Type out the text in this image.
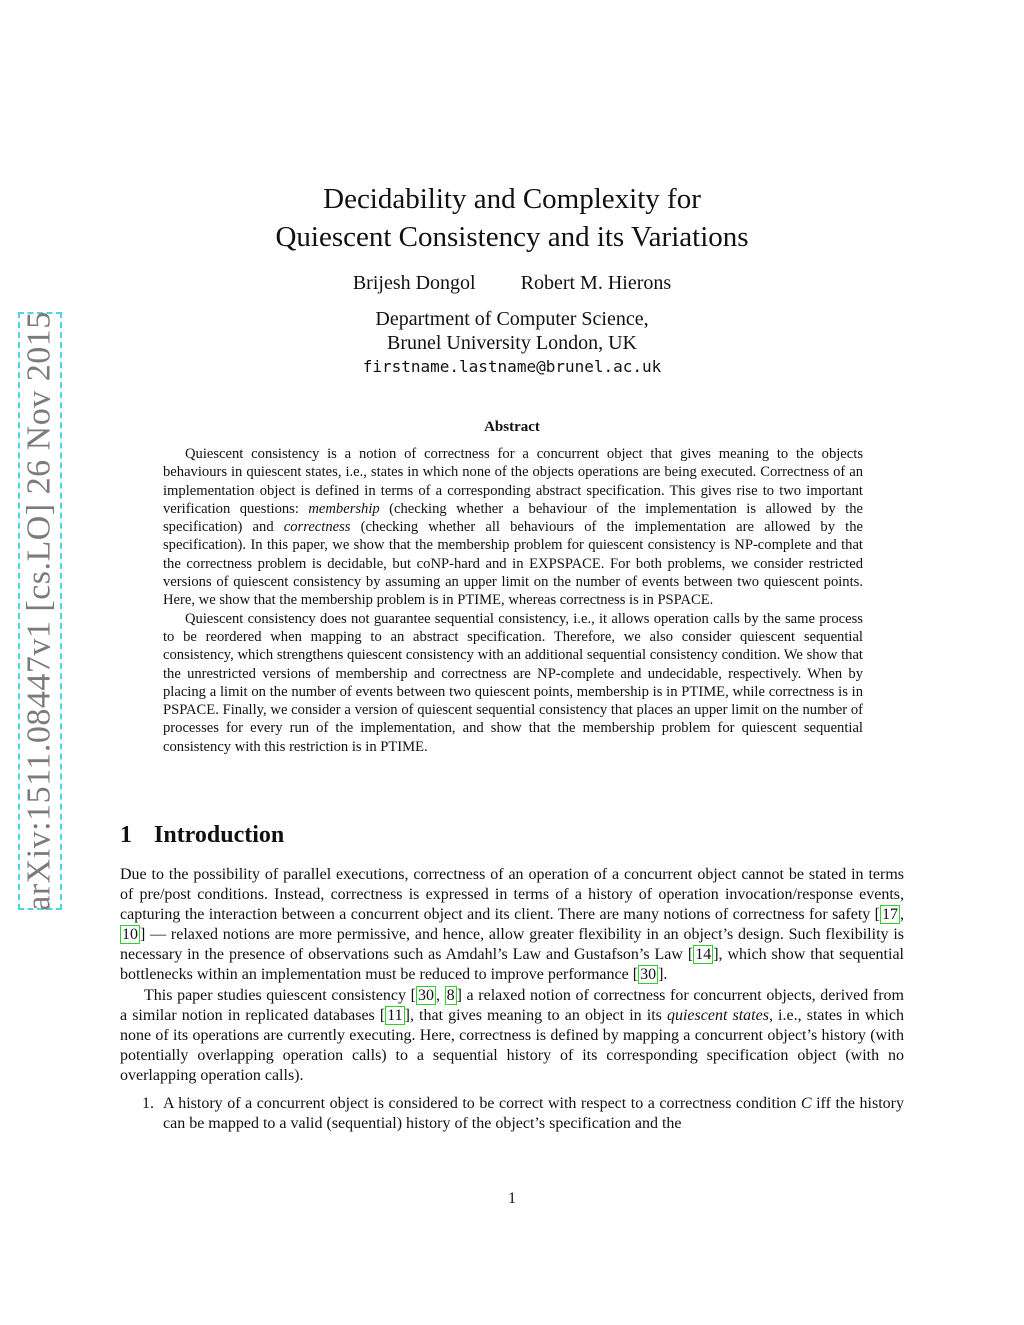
arXiv:1511.08447v1 [cs.LO] 26 Nov 2015
Decidability and Complexity for
Quiescent Consistency and its Variations
Brijesh Dongol Robert M. Hierons
Department of Computer Science,
Brunel University London, UK
firstname.lastname@brunel.ac.uk
Abstract

Quiescent consistency is a notion of correctness for a concurrent object that gives meaning to the objects behaviours in quiescent states, i.e., states in which none of the objects operations are being executed. Correctness of an implementation object is defined in terms of a corresponding abstract specification. This gives rise to two important verification questions: membership (checking whether a behaviour of the implementation is allowed by the specification) and correctness (checking whether all behaviours of the implementation are allowed by the specification). In this paper, we show that the membership problem for quiescent consistency is NP-complete and that the correctness problem is decidable, but coNP-hard and in EXPSPACE. For both problems, we consider restricted versions of quiescent consistency by assuming an upper limit on the number of events between two quiescent points. Here, we show that the membership problem is in PTIME, whereas correctness is in PSPACE.

Quiescent consistency does not guarantee sequential consistency, i.e., it allows operation calls by the same process to be reordered when mapping to an abstract specification. Therefore, we also consider quiescent sequential consistency, which strengthens quiescent consistency with an additional sequential consistency condition. We show that the unrestricted versions of membership and correctness are NP-complete and undecidable, respectively. When by placing a limit on the number of events between two quiescent points, membership is in PTIME, while correctness is in PSPACE. Finally, we consider a version of quiescent sequential consistency that places an upper limit on the number of processes for every run of the implementation, and show that the membership problem for quiescent sequential consistency with this restriction is in PTIME.

1 Introduction

Due to the possibility of parallel executions, correctness of an operation of a concurrent object cannot be stated in terms of pre/post conditions. Instead, correctness is expressed in terms of a history of operation invocation/response events, capturing the interaction between a concurrent object and its client. There are many notions of correctness for safety [ 17 , 10 ] — relaxed notions are more permissive, and hence, allow greater flexibility in an object’s design. Such flexibility is necessary in the presence of observations such as Amdahl’s Law and Gustafson’s Law [ 14 ], which show that sequential bottlenecks within an implementation must be reduced to improve performance [ 30 ].

This paper studies quiescent consistency [ 30 , 8 ] a relaxed notion of correctness for concurrent objects, derived from a similar notion in replicated databases [ 11 ], that gives meaning to an object in its quiescent states, i.e., states in which none of its operations are currently executing. Here, correctness is defined by mapping a concurrent object’s history (with potentially overlapping operation calls) to a sequential history of its corresponding specification object (with no overlapping operation calls).

1. A history of a concurrent object is considered to be correct with respect to a correctness condition C iff the history can be mapped to a valid (sequential) history of the object’s specification and the

1
